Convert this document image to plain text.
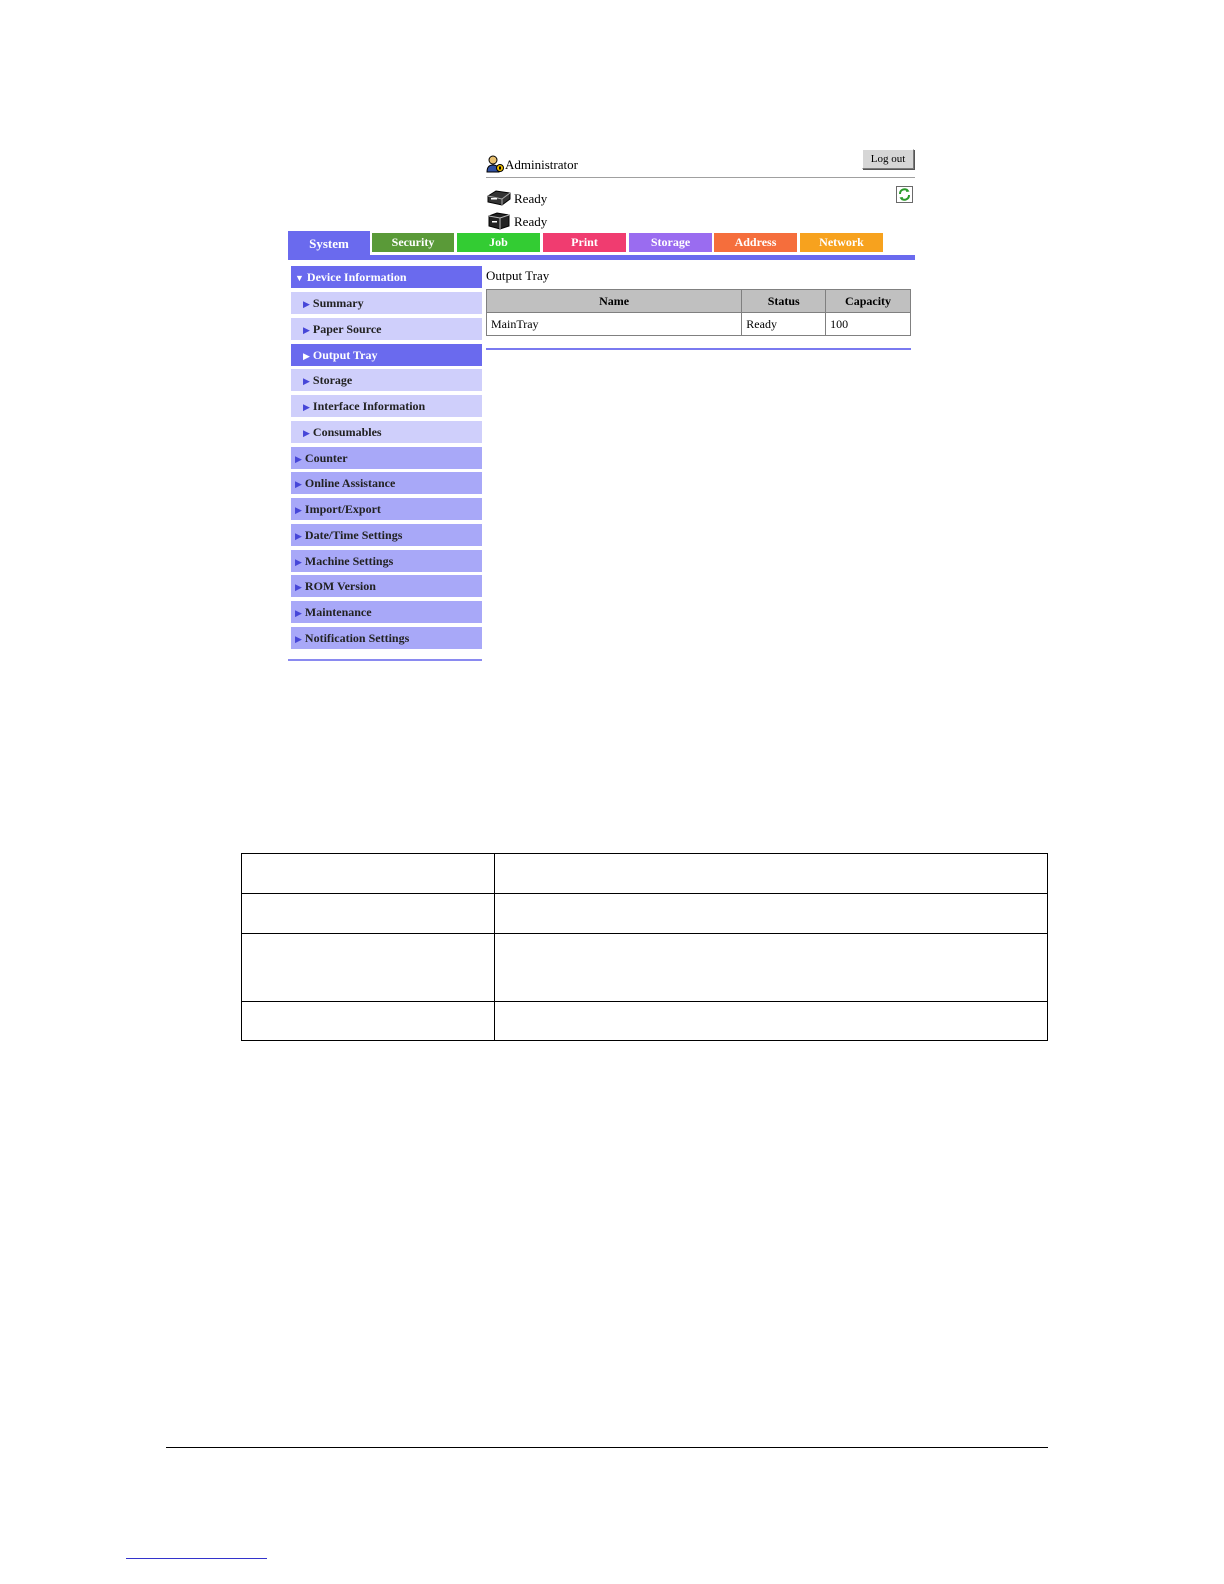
Administrator	Log out
Ready
Ready
System	Security	Job	Print	Storage	Address	Network
▼ Device Information
▶ Summary
▶ Paper Source
▶ Output Tray
▶ Storage
▶ Interface Information
▶ Consumables
▶ Counter
▶ Online Assistance
▶ Import/Export
▶ Date/Time Settings
▶ Machine Settings
▶ ROM Version
▶ Maintenance
▶ Notification Settings
Output Tray
Name	Status	Capacity
MainTray	Ready	100
